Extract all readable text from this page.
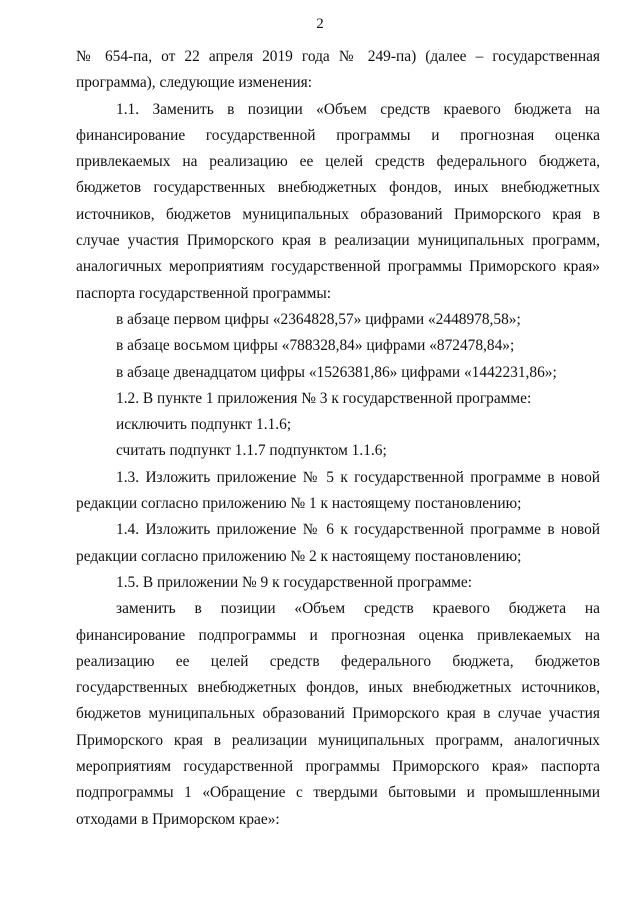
2

№ 654-па, от 22 апреля 2019 года № 249-па) (далее – государственная программа), следующие изменения:

1.1. Заменить в позиции «Объем средств краевого бюджета на финансирование государственной программы и прогнозная оценка привлекаемых на реализацию ее целей средств федерального бюджета, бюджетов государственных внебюджетных фондов, иных внебюджетных источников, бюджетов муниципальных образований Приморского края в случае участия Приморского края в реализации муниципальных программ, аналогичных мероприятиям государственной программы Приморского края» паспорта государственной программы:

в абзаце первом цифры «2364828,57» цифрами «2448978,58»;

в абзаце восьмом цифры «788328,84» цифрами «872478,84»;

в абзаце двенадцатом цифры «1526381,86» цифрами «1442231,86»;

1.2. В пункте 1 приложения № 3 к государственной программе:

исключить подпункт 1.1.6;

считать подпункт 1.1.7 подпунктом 1.1.6;

1.3. Изложить приложение № 5 к государственной программе в новой редакции согласно приложению № 1 к настоящему постановлению;

1.4. Изложить приложение № 6 к государственной программе в новой редакции согласно приложению № 2 к настоящему постановлению;

1.5. В приложении № 9 к государственной программе:

заменить в позиции «Объем средств краевого бюджета на финансирование подпрограммы и прогнозная оценка привлекаемых на реализацию ее целей средств федерального бюджета, бюджетов государственных внебюджетных фондов, иных внебюджетных источников, бюджетов муниципальных образований Приморского края в случае участия Приморского края в реализации муниципальных программ, аналогичных мероприятиям государственной программы Приморского края» паспорта подпрограммы 1 «Обращение с твердыми бытовыми и промышленными отходами в Приморском крае»:
